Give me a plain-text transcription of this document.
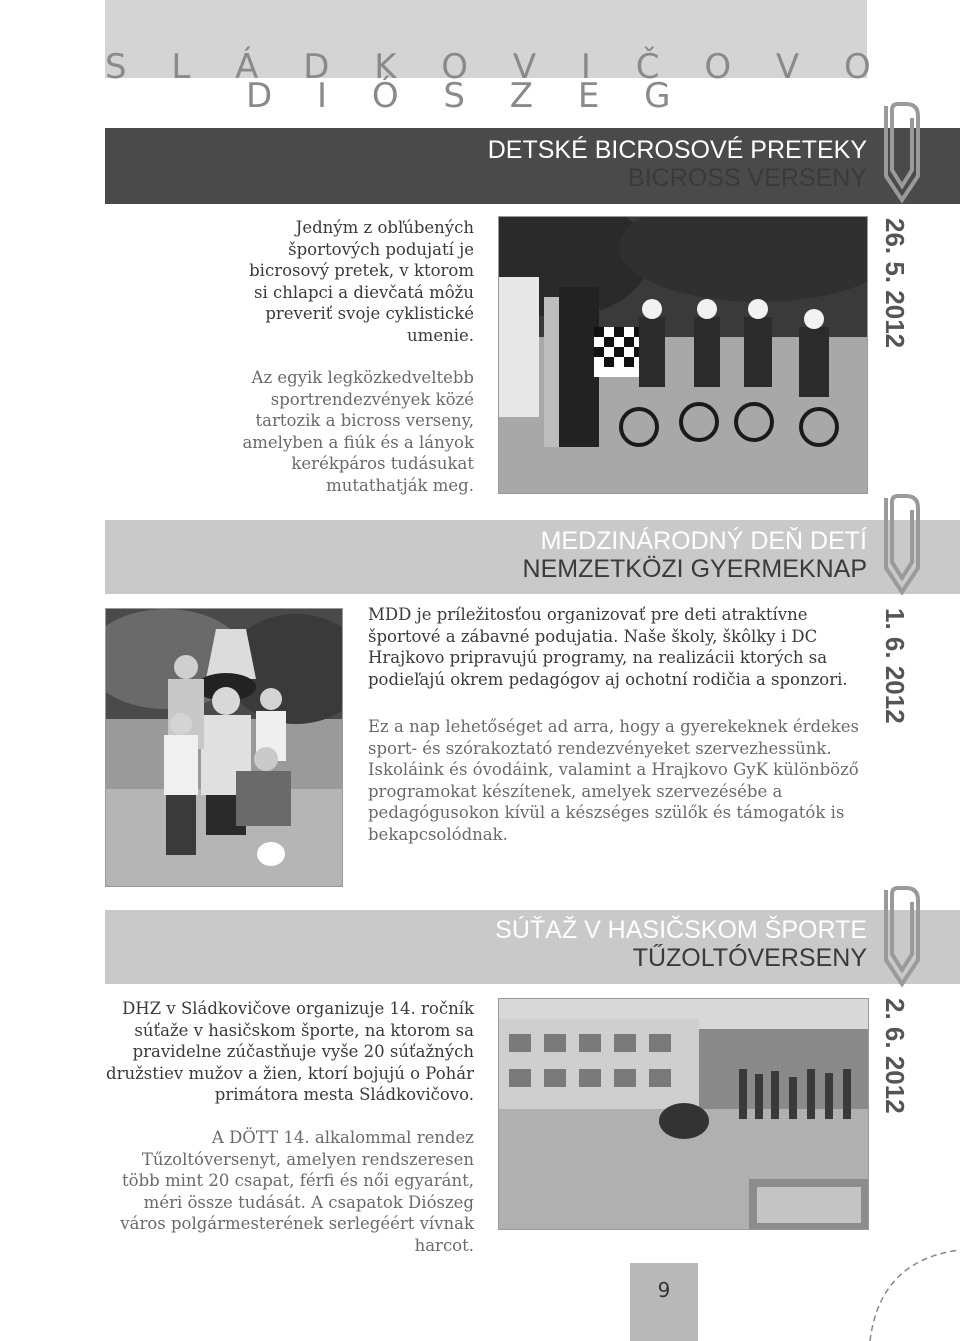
S L Á D K O V I Č O V O
D I Ó S Z E G
DETSKÉ BICROSOVÉ PRETEKY
BICROSS VERSENY
26. 5. 2012

Jedným z obľúbených športových podujatí je bicrosový pretek, v ktorom si chlapci a dievčatá môžu preveriť svoje cyklistické umenie.

Az egyik legközkedveltebb sportrendezvények közé tartozik a bicross verseny, amelyben a fiúk és a lányok kerékpáros tudásukat mutathatják meg.

MEDZINÁRODNÝ DEŇ DETÍ
NEMZETKÖZI GYERMEKNAP
1. 6. 2012

MDD je príležitosťou organizovať pre deti atraktívne športové a zábavné podujatia. Naše školy, škôlky i DC Hrajkovo pripravujú programy, na realizácii ktorých sa podieľajú okrem pedagógov aj ochotní rodičia a sponzori.

Ez a nap lehetőséget ad arra, hogy a gyerekeknek érdekes sport- és szórakoztató rendezvényeket szervezhessünk. Iskoláink és óvodáink, valamint a Hrajkovo GyK különböző programokat készítenek, amelyek szervezésébe a pedagógusokon kívül a készséges szülők és támogatók is bekapcsolódnak.

SÚŤAŽ V HASIČSKOM ŠPORTE
TŰZOLTÓVERSENY
2. 6. 2012

DHZ v Sládkovičove organizuje 14. ročník súťaže v hasičskom športe, na ktorom sa pravidelne zúčastňuje vyše 20 súťažných družstiev mužov a žien, ktorí bojujú o Pohár primátora mesta Sládkovičovo.

A DÖTT 14. alkalommal rendez Tűzoltóversenyt, amelyen rendszeresen több mint 20 csapat, férfi és női egyaránt, méri össze tudását. A csapatok Diószeg város polgármesterének serlegéért vívnak harcot.

9
